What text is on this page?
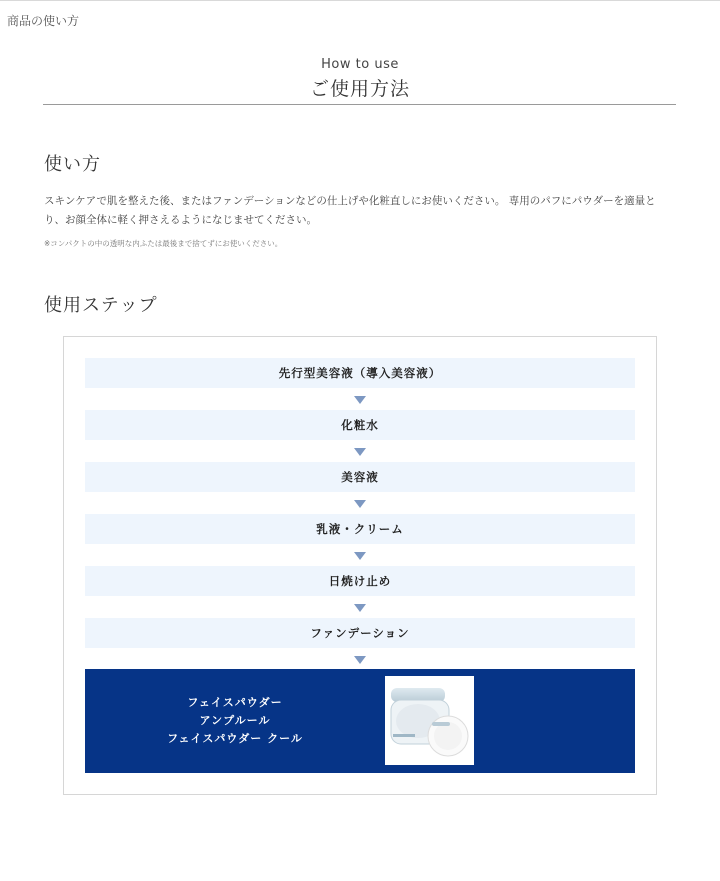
商品の使い方
How to use
ご使用方法
使い方
スキンケアで肌を整えた後、またはファンデーションなどの仕上げや化粧直しにお使いください。 専用のパフにパウダーを適量とり、お顔全体に軽く押さえるようになじませてください。
※コンパクトの中の透明な内ふたは最後まで捨てずにお使いください。
使用ステップ
先行型美容液（導入美容液）
化粧水
美容液
乳液・クリーム
日焼け止め
ファンデーション
フェイスパウダー
アンプルール
フェイスパウダー クール
